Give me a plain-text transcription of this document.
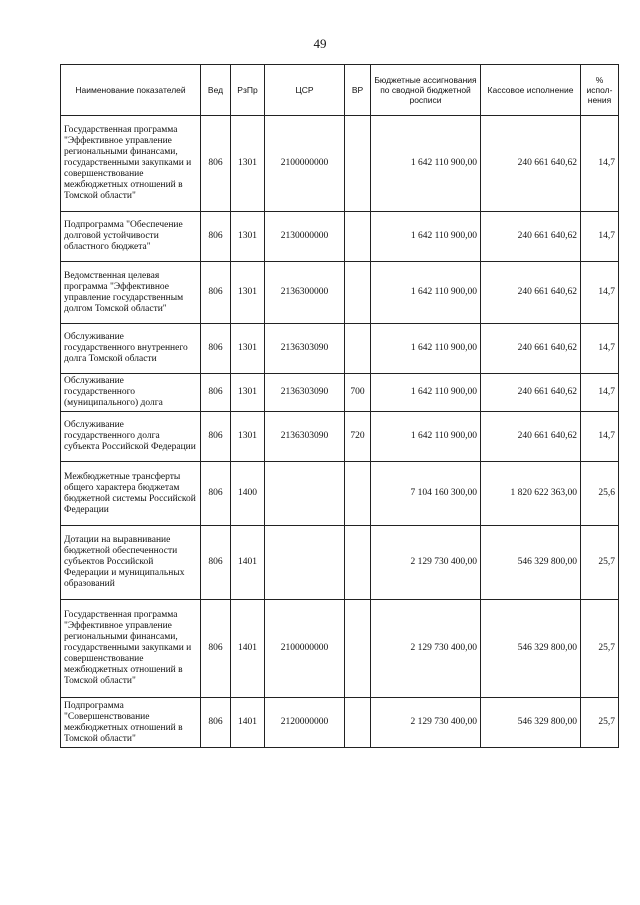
49
Наименование показателей	Вед	РзПр	ЦСР	ВР	Бюджетные ассигнования по сводной бюджетной росписи	Кассовое исполнение	% испол-нения
Государственная программа "Эффективное управление региональными финансами, государственными закупками и совершенствование межбюджетных отношений в Томской области"	806	1301	2100000000		1 642 110 900,00	240 661 640,62	14,7
Подпрограмма "Обеспечение долговой устойчивости областного бюджета"	806	1301	2130000000		1 642 110 900,00	240 661 640,62	14,7
Ведомственная целевая программа "Эффективное управление государственным долгом Томской области"	806	1301	2136300000		1 642 110 900,00	240 661 640,62	14,7
Обслуживание государственного внутреннего долга Томской области	806	1301	2136303090		1 642 110 900,00	240 661 640,62	14,7
Обслуживание государственного (муниципального) долга	806	1301	2136303090	700	1 642 110 900,00	240 661 640,62	14,7
Обслуживание государственного долга субъекта Российской Федерации	806	1301	2136303090	720	1 642 110 900,00	240 661 640,62	14,7
Межбюджетные трансферты общего характера бюджетам бюджетной системы Российской Федерации	806	1400			7 104 160 300,00	1 820 622 363,00	25,6
Дотации на выравнивание бюджетной обеспеченности субъектов Российской Федерации и муниципальных образований	806	1401			2 129 730 400,00	546 329 800,00	25,7
Государственная программа "Эффективное управление региональными финансами, государственными закупками и совершенствование межбюджетных отношений в Томской области"	806	1401	2100000000		2 129 730 400,00	546 329 800,00	25,7
Подпрограмма "Совершенствование межбюджетных отношений в Томской области"	806	1401	2120000000		2 129 730 400,00	546 329 800,00	25,7
